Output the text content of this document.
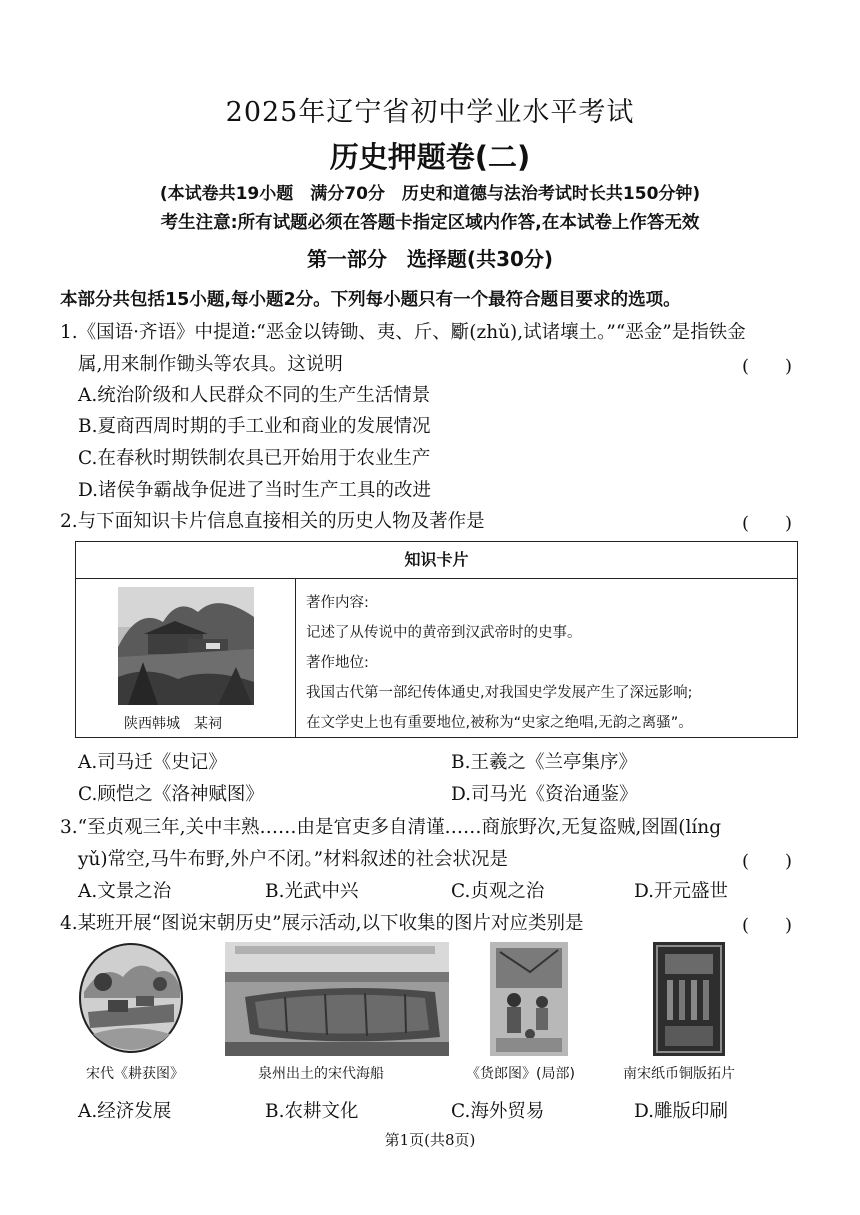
2025年辽宁省初中学业水平考试
历史押题卷(二)
(本试卷共19小题　满分70分　历史和道德与法治考试时长共150分钟)
考生注意:所有试题必须在答题卡指定区域内作答,在本试卷上作答无效
第一部分　选择题(共30分)
本部分共包括15小题,每小题2分。下列每小题只有一个最符合题目要求的选项。
1.《国语·齐语》中提道:“恶金以铸锄、夷、斤、斸(zhǔ),试诸壤土。”“恶金”是指铁金
属,用来制作锄头等农具。这说明	(　　)
A.统治阶级和人民群众不同的生产生活情景
B.夏商西周时期的手工业和商业的发展情况
C.在春秋时期铁制农具已开始用于农业生产
D.诸侯争霸战争促进了当时生产工具的改进
2.与下面知识卡片信息直接相关的历史人物及著作是	(　　)
知识卡片
陕西韩城　某祠
著作内容:
记述了从传说中的黄帝到汉武帝时的史事。
著作地位:
我国古代第一部纪传体通史,对我国史学发展产生了深远影响;
在文学史上也有重要地位,被称为“史家之绝唱,无韵之离骚”。
A.司马迁《史记》	B.王羲之《兰亭集序》
C.顾恺之《洛神赋图》	D.司马光《资治通鉴》
3.“至贞观三年,关中丰熟……由是官吏多自清谨……商旅野次,无复盗贼,囹圄(líng
yǔ)常空,马牛布野,外户不闭。”材料叙述的社会状况是	(　　)
A.文景之治	B.光武中兴	C.贞观之治	D.开元盛世
4.某班开展“图说宋朝历史”展示活动,以下收集的图片对应类别是	(　　)
宋代《耕获图》	泉州出土的宋代海船	《货郎图》(局部)	南宋纸币铜版拓片
A.经济发展	B.农耕文化	C.海外贸易	D.雕版印刷
第1页(共8页)
